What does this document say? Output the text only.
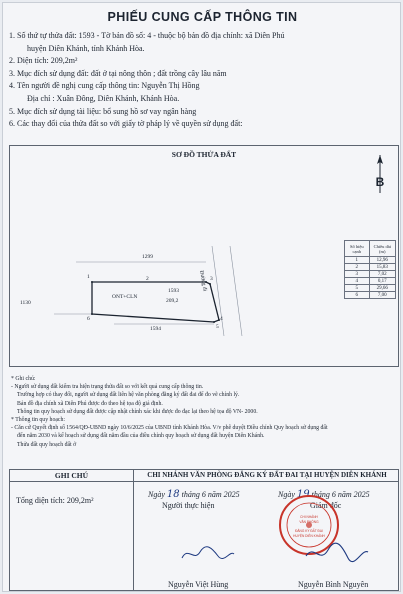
PHIẾU CUNG CẤP THÔNG TIN
1. Số thứ tự thửa đất: 1593 - Tờ bản đồ số: 4 - thuộc bộ bản đồ địa chính: xã Diên Phú
huyện Diên Khánh, tỉnh Khánh Hòa.
2. Diện tích: 209,2m²
3. Mục đích sử dụng đất: đất ở tại nông thôn ; đất trồng cây lâu năm
4. Tên người đề nghị cung cấp thông tin: Nguyễn Thị Hồng
Địa chỉ : Xuân Đông, Diên Khánh, Khánh Hòa.
5. Mục đích sử dụng tài liệu: bổ sung hồ sơ vay ngân hàng
6. Các thay đổi của thửa đất so với giấy tờ pháp lý về quyền sử dụng đất:
SƠ ĐỒ THỬA ĐẤT
B
1299
1130
1594
ONT+CLN
1593
209,2
Đường đi
1	2	3
4
5
6
Số hiệu cạnh	Chiều dài (m)
1	12,96
2	15,83
3	7,02
4	0,17
5	29,66
6	7,00
* Ghi chú:
- Người sử dụng đất kiểm tra hiện trạng thửa đất so với kết quả cung cấp thông tin.
Trường hợp có thay đổi, người sử dụng đất liên hệ văn phòng đăng ký đất đai để đo vẽ chỉnh lý.
Bản đồ địa chính xã Diên Phú được đo theo hệ tọa độ giả định.
Thông tin quy hoạch sử dụng đất được cập nhật chỉnh xác khi được đo đạc lại theo hệ tọa độ VN- 2000.
* Thông tin quy hoạch:
- Căn cứ Quyết định số 1564/QĐ-UBND ngày 10/6/2025 của UBND tỉnh Khánh Hòa. V/v phê duyệt Điều chỉnh Quy hoạch sử dụng đất
đến năm 2030 và kế hoạch sử dụng đất năm đầu của điều chỉnh quy hoạch sử dụng đất huyện Diên Khánh.
Thửa đất quy hoạch đất ở
GHI CHÚ	CHI NHÁNH VĂN PHÒNG ĐĂNG KÝ ĐẤT ĐAI TẠI HUYỆN DIÊN KHÁNH
Tổng diện tích: 209,2m²
Ngày 18 tháng 6 năm 2025	Ngày 19 tháng 6 năm 2025
Người thực hiện	Giám đốc
CHI NHÁNH
VĂN PHÒNG
ĐĂNG KÝ ĐẤT ĐAI
HUYỆN DIÊN KHÁNH
Nguyễn Việt Hùng	Nguyễn Bình Nguyên
